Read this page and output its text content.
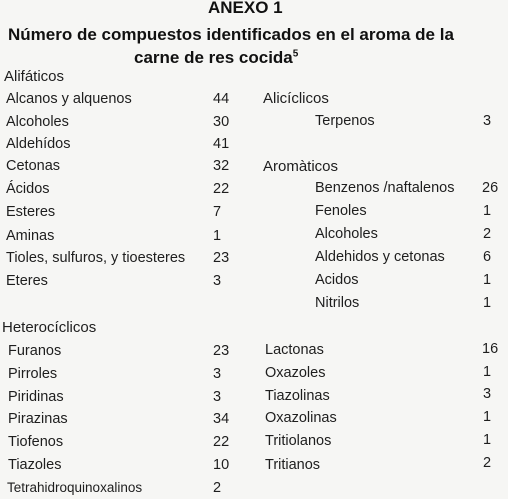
ANEXO 1
Número de compuestos identificados en el aroma de la
carne de res cocida$^5$
Alifáticos
Alcanos y alquenos	44
Alcoholes	30
Aldehídos	41
Cetonas	32
Ácidos	22
Esteres	7
Aminas	1
Tioles, sulfuros, y tioesteres 23
Eteres	3
Alicíclicos
Terpenos	3
Aromàticos
Benzenos /naftalenos 26
Fenoles	1
Alcoholes	2
Aldehidos y cetonas	6
Acidos	1
Nitrilos	1
Heterocíclicos
Furanos	23
Pirroles	3
Piridinas	3
Pirazinas	34
Tiofenos	22
Tiazoles	10
Tetrahidroquinoxalinos	2
Lactonas	16
Oxazoles	1
Tiazolinas	3
Oxazolinas	1
Tritiolanos	1
Tritianos	2
